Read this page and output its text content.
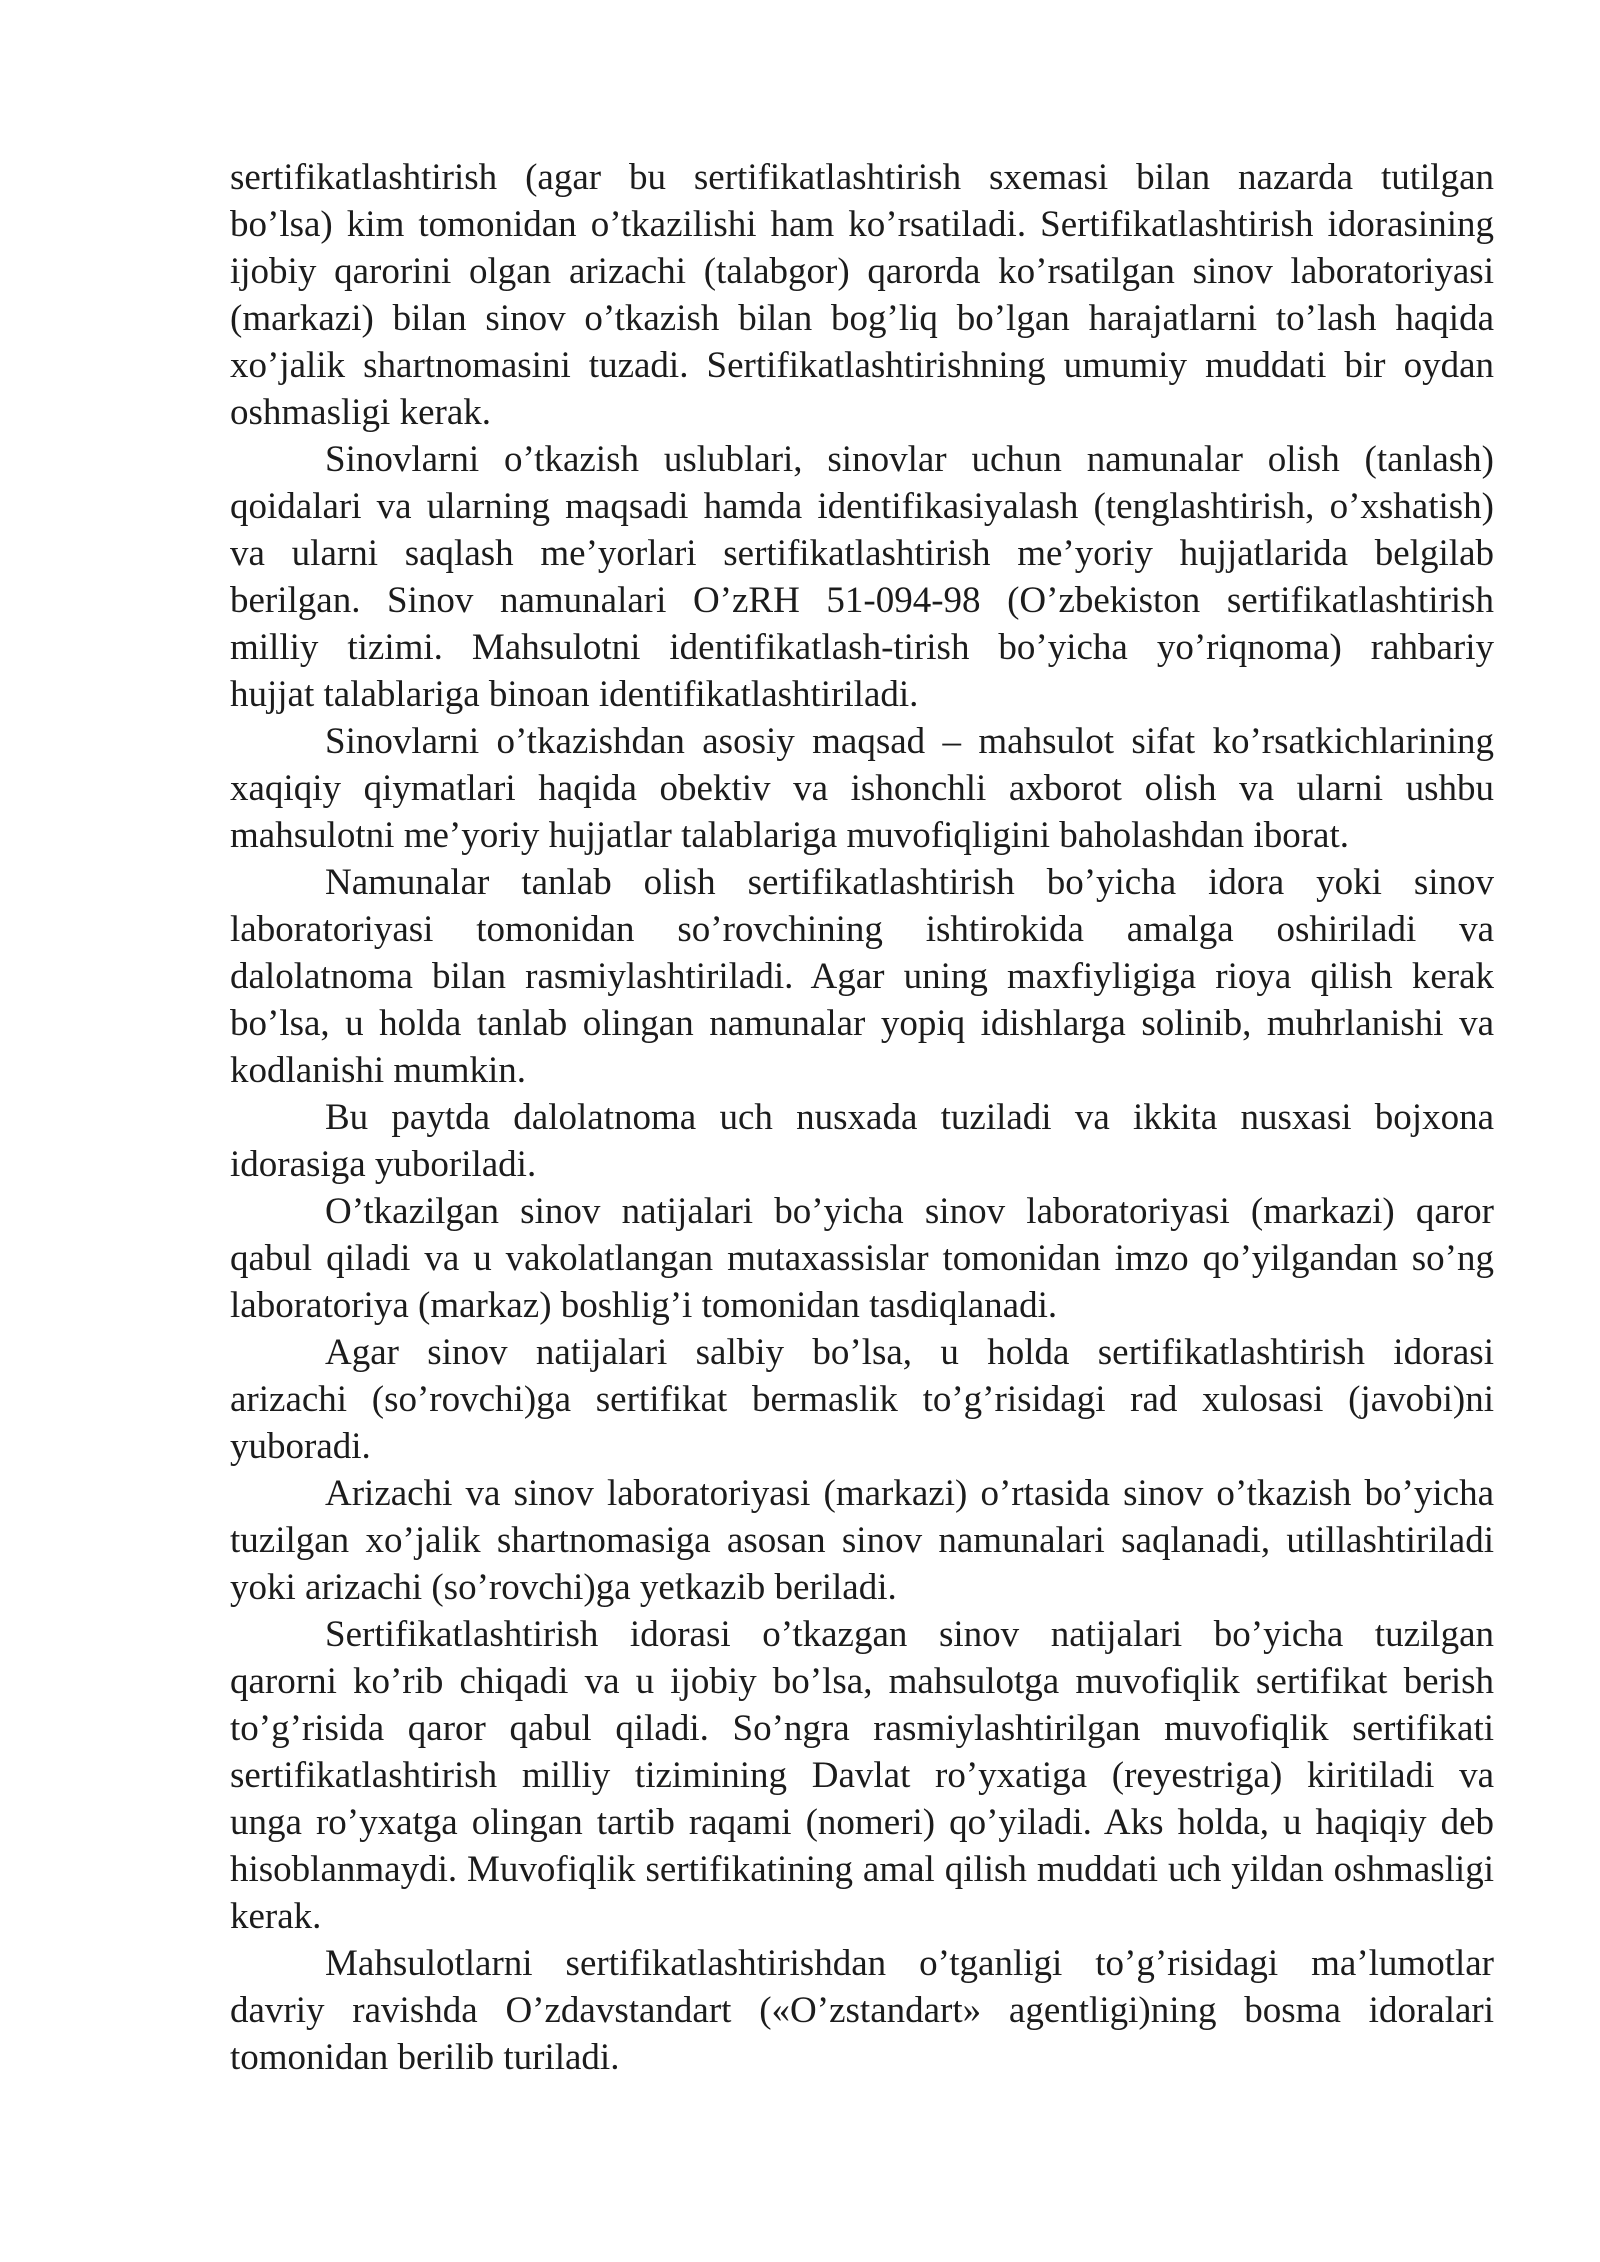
sertifikatlashtirish (agar bu sertifikatlashtirish sxemasi bilan nazarda tutilgan
bo’lsa) kim tomonidan o’tkazilishi ham ko’rsatiladi. Sertifikatlashtirish idorasining
ijobiy qarorini olgan arizachi (talabgor) qarorda ko’rsatilgan sinov laboratoriyasi
(markazi) bilan sinov o’tkazish bilan bog’liq bo’lgan harajatlarni to’lash haqida
xo’jalik shartnomasini tuzadi. Sertifikatlashtirishning umumiy muddati bir oydan
oshmasligi kerak.
Sinovlarni o’tkazish uslublari, sinovlar uchun namunalar olish (tanlash)
qoidalari va ularning maqsadi hamda identifikasiyalash (tenglashtirish, o’xshatish)
va ularni saqlash me’yorlari sertifikatlashtirish me’yoriy hujjatlarida belgilab
berilgan. Sinov namunalari O’zRH 51-094-98 (O’zbekiston sertifikatlashtirish
milliy tizimi. Mahsulotni identifikatlash-tirish bo’yicha yo’riqnoma) rahbariy
hujjat talablariga binoan identifikatlashtiriladi.
Sinovlarni o’tkazishdan asosiy maqsad – mahsulot sifat ko’rsatkichlarining
xaqiqiy qiymatlari haqida obektiv va ishonchli axborot olish va ularni ushbu
mahsulotni me’yoriy hujjatlar talablariga muvofiqligini baholashdan iborat.
Namunalar tanlab olish sertifikatlashtirish bo’yicha idora yoki sinov
laboratoriyasi tomonidan so’rovchining ishtirokida amalga oshiriladi va
dalolatnoma bilan rasmiylashtiriladi. Agar uning maxfiyligiga rioya qilish kerak
bo’lsa, u holda tanlab olingan namunalar yopiq idishlarga solinib, muhrlanishi va
kodlanishi mumkin.
Bu paytda dalolatnoma uch nusxada tuziladi va ikkita nusxasi bojxona
idorasiga yuboriladi.
O’tkazilgan sinov natijalari bo’yicha sinov laboratoriyasi (markazi) qaror
qabul qiladi va u vakolatlangan mutaxassislar tomonidan imzo qo’yilgandan so’ng
laboratoriya (markaz) boshlig’i tomonidan tasdiqlanadi.
Agar sinov natijalari salbiy bo’lsa, u holda sertifikatlashtirish idorasi
arizachi (so’rovchi)ga sertifikat bermaslik to’g’risidagi rad xulosasi (javobi)ni
yuboradi.
Arizachi va sinov laboratoriyasi (markazi) o’rtasida sinov o’tkazish bo’yicha
tuzilgan xo’jalik shartnomasiga asosan sinov namunalari saqlanadi, utillashtiriladi
yoki arizachi (so’rovchi)ga yetkazib beriladi.
Sertifikatlashtirish idorasi o’tkazgan sinov natijalari bo’yicha tuzilgan
qarorni ko’rib chiqadi va u ijobiy bo’lsa, mahsulotga muvofiqlik sertifikat berish
to’g’risida qaror qabul qiladi. So’ngra rasmiylashtirilgan muvofiqlik sertifikati
sertifikatlashtirish milliy tizimining Davlat ro’yxatiga (reyestriga) kiritiladi va
unga ro’yxatga olingan tartib raqami (nomeri) qo’yiladi. Aks holda, u haqiqiy deb
hisoblanmaydi. Muvofiqlik sertifikatining amal qilish muddati uch yildan oshmasligi
kerak.
Mahsulotlarni sertifikatlashtirishdan o’tganligi to’g’risidagi ma’lumotlar
davriy ravishda O’zdavstandart («O’zstandart» agentligi)ning bosma idoralari
tomonidan berilib turiladi.
